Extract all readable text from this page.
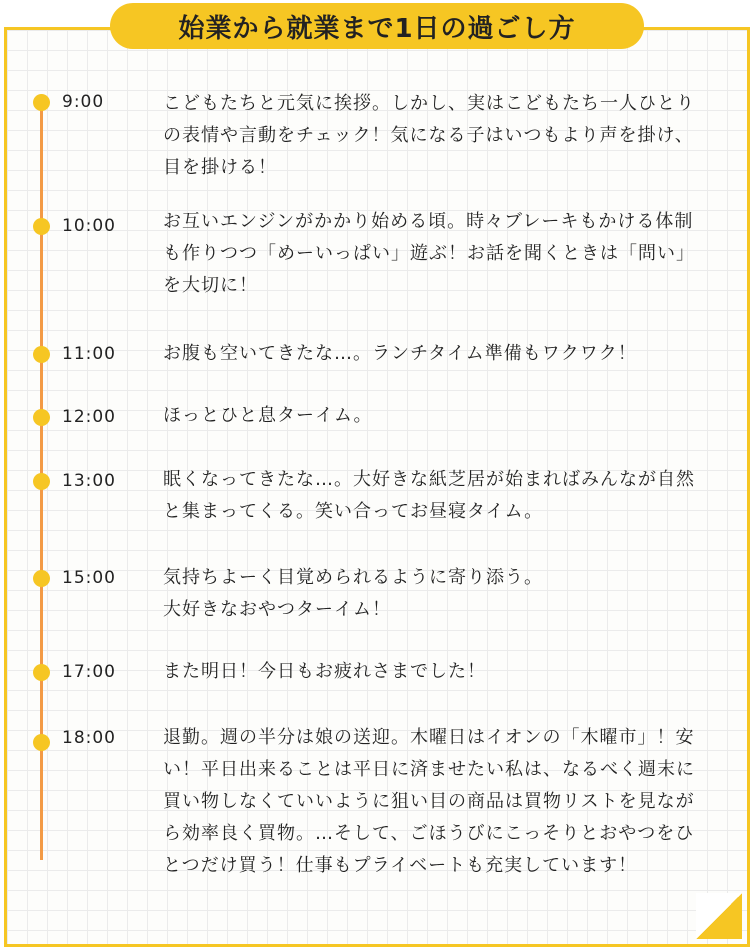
始業から就業まで1日の過ごし方
9:00	こどもたちと元気に挨拶。しかし、実はこどもたち一人ひとりの表情や言動をチェック！気になる子はいつもより声を掛け、目を掛ける！
10:00	お互いエンジンがかかり始める頃。時々ブレーキもかける体制も作りつつ「めーいっぱい」遊ぶ！お話を聞くときは「問い」を大切に！
11:00	お腹も空いてきたな…。ランチタイム準備もワクワク！
12:00	ほっとひと息ターイム。
13:00	眠くなってきたな…。大好きな紙芝居が始まればみんなが自然と集まってくる。笑い合ってお昼寝タイム。
15:00	気持ちよーく目覚められるように寄り添う。
大好きなおやつターイム！
17:00	また明日！今日もお疲れさまでした！
18:00	退勤。週の半分は娘の送迎。木曜日はイオンの「木曜市」！安い！平日出来ることは平日に済ませたい私は、なるべく週末に買い物しなくていいように狙い目の商品は買物リストを見ながら効率良く買物。…そして、ごほうびにこっそりとおやつをひとつだけ買う！仕事もプライベートも充実しています！
